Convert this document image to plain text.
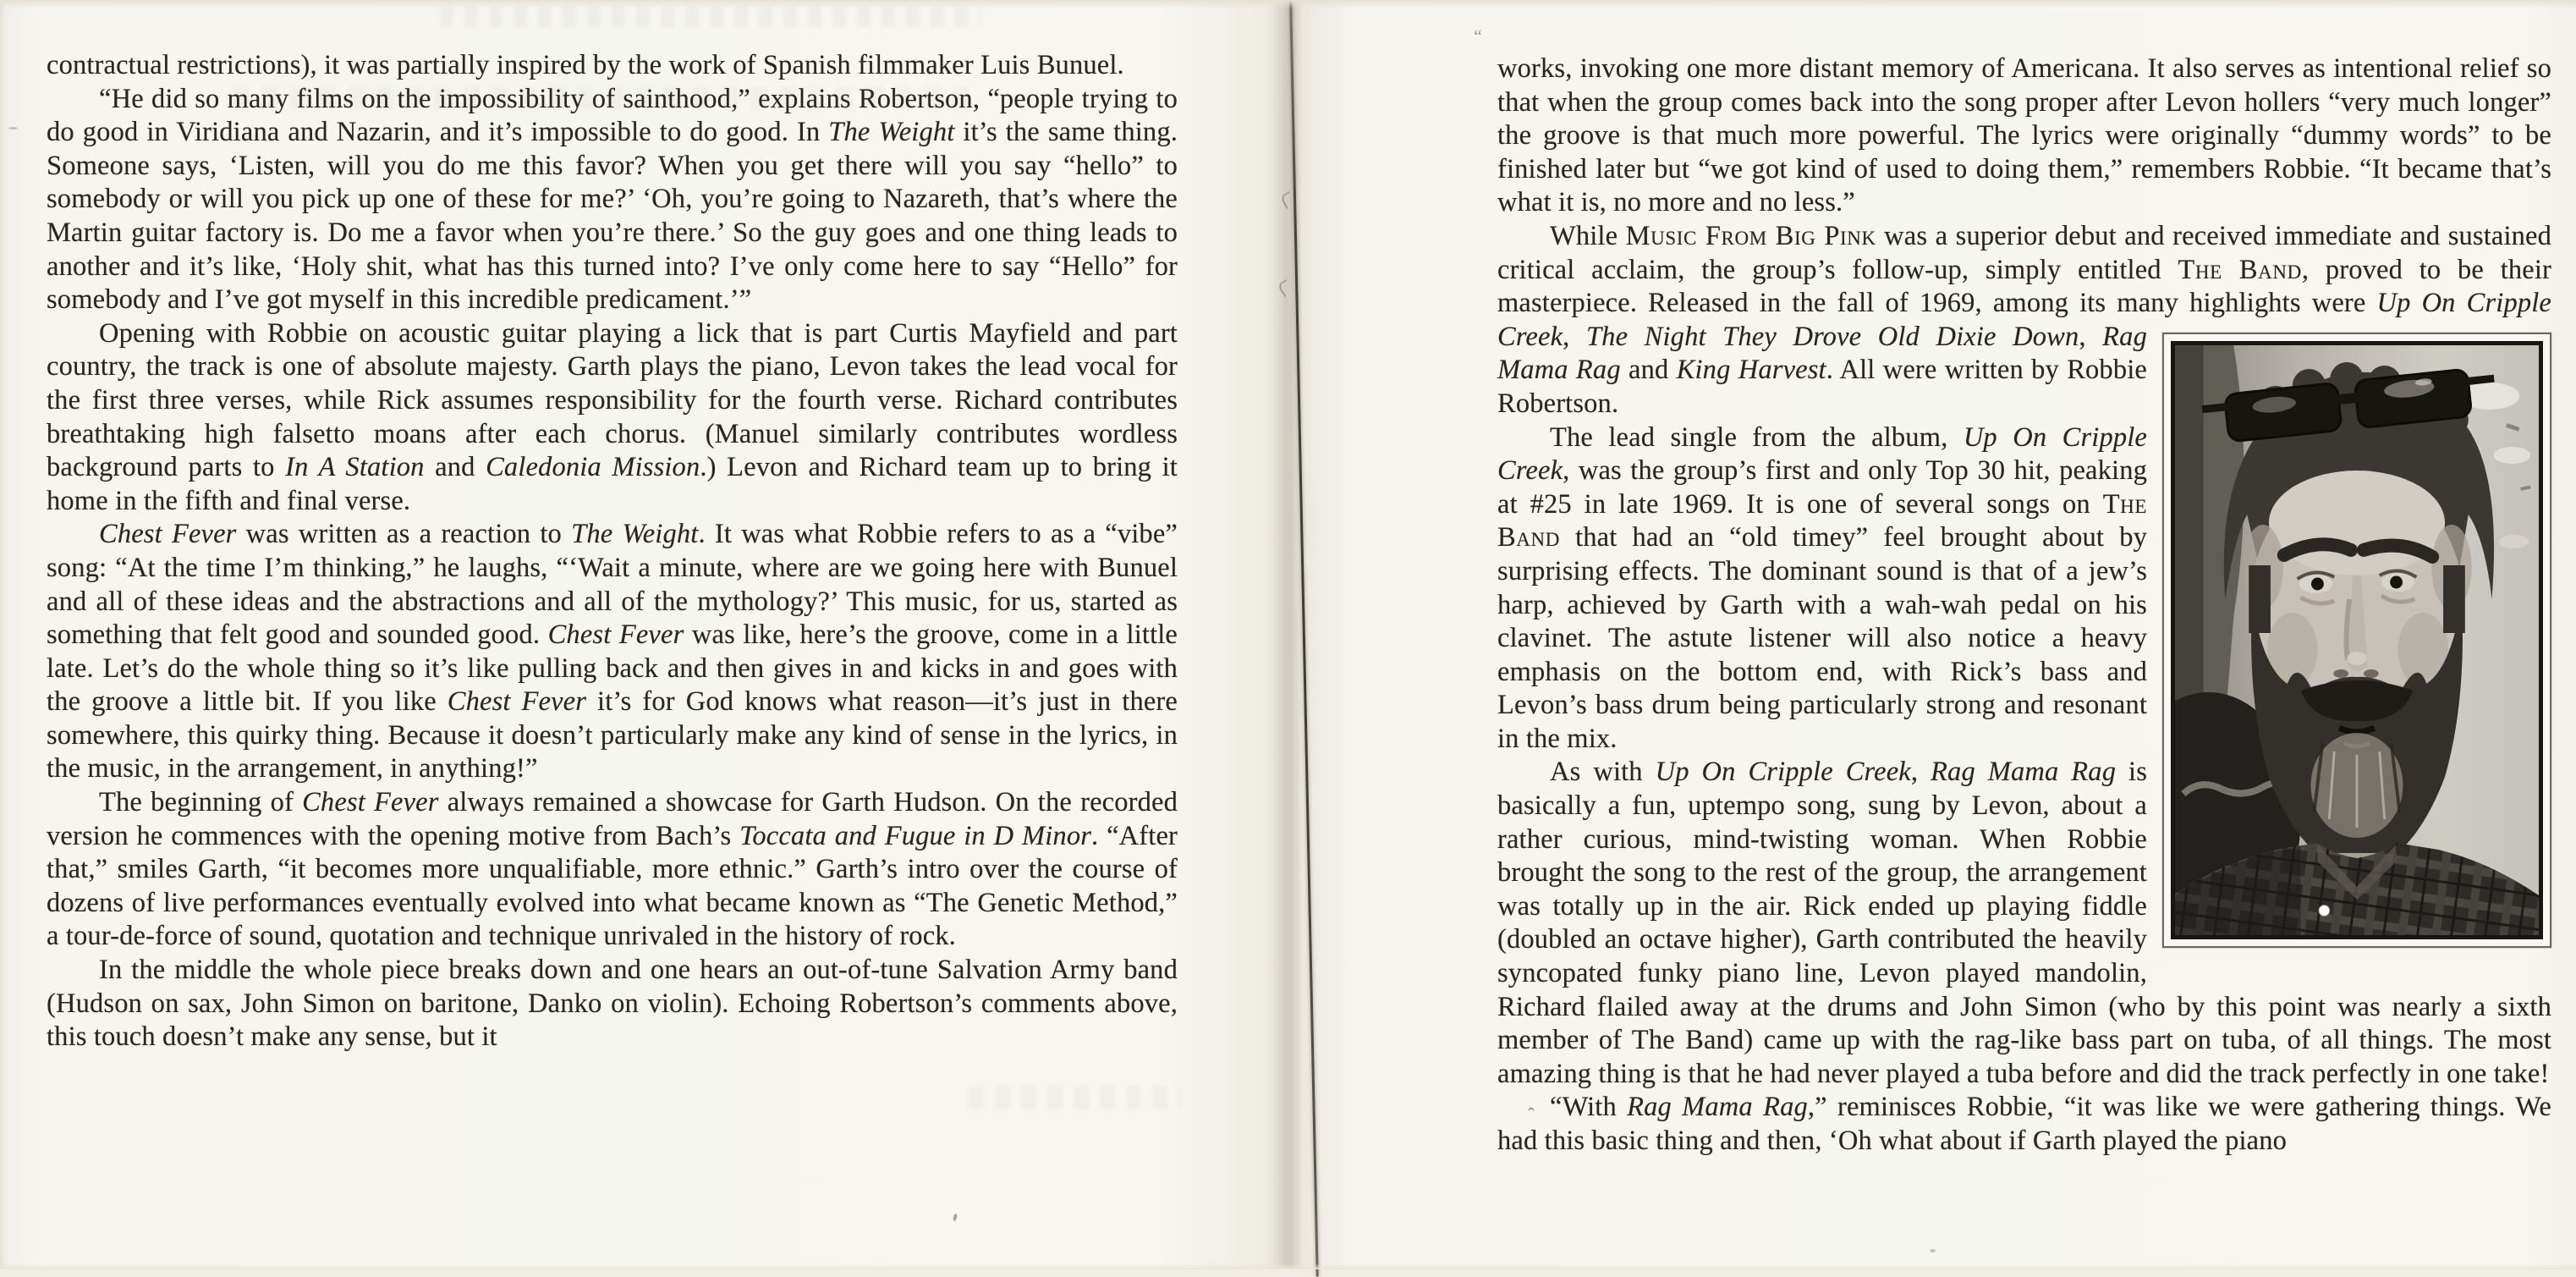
contractual restrictions), it was partially inspired by the work of Spanish filmmaker Luis Bunuel.

“He did so many films on the impossibility of sainthood,” explains Robertson, “people trying to do good in Viridiana and Nazarin, and it’s impossible to do good. In The Weight it’s the same thing. Someone says, ‘Listen, will you do me this favor? When you get there will you say “hello” to somebody or will you pick up one of these for me?’ ‘Oh, you’re going to Nazareth, that’s where the Martin guitar factory is. Do me a favor when you’re there.’ So the guy goes and one thing leads to another and it’s like, ‘Holy shit, what has this turned into? I’ve only come here to say “Hello” for somebody and I’ve got myself in this incredible predicament.’”

Opening with Robbie on acoustic guitar playing a lick that is part Curtis Mayfield and part country, the track is one of absolute majesty. Garth plays the piano, Levon takes the lead vocal for the first three verses, while Rick assumes responsibility for the fourth verse. Richard contributes breathtaking high falsetto moans after each chorus. (Manuel similarly contributes wordless background parts to In A Station and Caledonia Mission.) Levon and Richard team up to bring it home in the fifth and final verse.

Chest Fever was written as a reaction to The Weight. It was what Robbie refers to as a “vibe” song: “At the time I’m thinking,” he laughs, “‘Wait a minute, where are we going here with Bunuel and all of these ideas and the abstractions and all of the mythology?’ This music, for us, started as something that felt good and sounded good. Chest Fever was like, here’s the groove, come in a little late. Let’s do the whole thing so it’s like pulling back and then gives in and kicks in and goes with the groove a little bit. If you like Chest Fever it’s for God knows what reason—it’s just in there somewhere, this quirky thing. Because it doesn’t particularly make any kind of sense in the lyrics, in the music, in the arrangement, in anything!”

The beginning of Chest Fever always remained a showcase for Garth Hudson. On the recorded version he commences with the opening motive from Bach’s Toccata and Fugue in D Minor. “After that,” smiles Garth, “it becomes more unqualifiable, more ethnic.” Garth’s intro over the course of dozens of live performances eventually evolved into what became known as “The Genetic Method,” a tour-de-force of sound, quotation and technique unrivaled in the history of rock.

In the middle the whole piece breaks down and one hears an out-of-tune Salvation Army band (Hudson on sax, John Simon on baritone, Danko on violin). Echoing Robertson’s comments above, this touch doesn’t make any sense, but it

works, invoking one more distant memory of Americana. It also serves as intentional relief so that when the group comes back into the song proper after Levon hollers “very much longer” the groove is that much more powerful. The lyrics were originally “dummy words” to be finished later but “we got kind of used to doing them,” remembers Robbie. “It became that’s what it is, no more and no less.”

While Music From Big Pink was a superior debut and received immediate and sustained critical acclaim, the group’s follow-up, simply entitled The Band, proved to be their masterpiece. Released in the fall of 1969, among its many highlights
were Up On Cripple Creek, The Night They Drove Old Dixie Down, Rag Mama Rag and King Harvest. All were written by Robbie Robertson.

The lead single from the album, Up On Cripple Creek, was the group’s first and only Top 30 hit, peaking at #25 in late 1969. It is one of several songs on The Band that had an “old timey” feel brought about by surprising effects. The dominant sound is that of a jew’s harp, achieved by Garth with a wah-wah pedal on his clavinet. The astute listener will also notice a heavy emphasis on the bottom end, with Rick’s bass and Levon’s bass drum being particularly strong and resonant in the mix.

As with Up On Cripple Creek, Rag Mama Rag is basically a fun, uptempo song, sung by Levon, about a rather curious, mind-twisting woman. When Robbie brought the song to the rest of the group, the arrangement was totally up in the air. Rick ended up playing fiddle (doubled an octave higher), Garth contributed the heavily syncopated funky piano line, Levon played mandolin, Richard flailed away at the drums and John Simon (who by this point was nearly a sixth member of The Band) came up with the rag-like bass part on tuba, of all things. The most amazing thing is that he had never played a tuba before and did the track perfectly in one take!

“With Rag Mama Rag,” reminisces Robbie, “it was like we were gathering things. We had this basic thing and then, ‘Oh what about if Garth played the piano

“
ˆ
